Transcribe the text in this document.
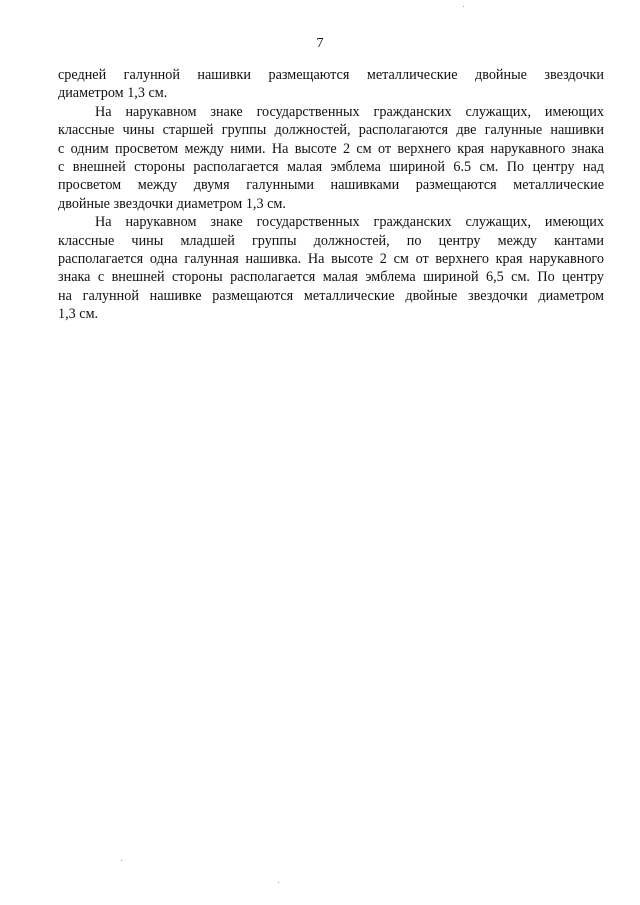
7
средней галунной нашивки размещаются металлические двойные звездочки
диаметром 1,3 см.
На нарукавном знаке государственных гражданских служащих, имеющих
классные чины старшей группы должностей, располагаются две галунные нашивки
с одним просветом между ними. На высоте 2 см от верхнего края нарукавного знака
с внешней стороны располагается малая эмблема шириной 6.5 см. По центру над
просветом между двумя галунными нашивками размещаются металлические
двойные звездочки диаметром 1,3 см.
На нарукавном знаке государственных гражданских служащих, имеющих
классные чины младшей группы должностей, по центру между кантами
располагается одна галунная нашивка. На высоте 2 см от верхнего края нарукавного
знака с внешней стороны располагается малая эмблема шириной 6,5 см. По центру
на галунной нашивке размещаются металлические двойные звездочки диаметром
1,3 см.
